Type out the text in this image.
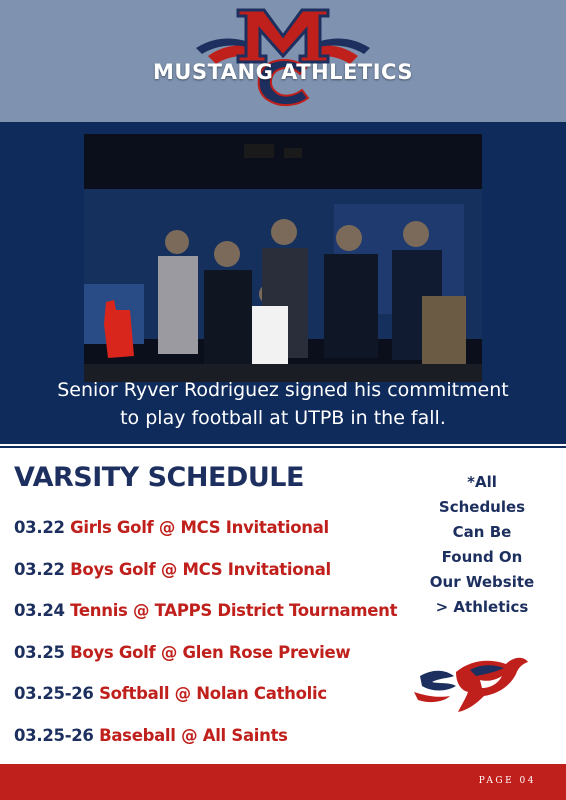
MUSTANG ATHLETICS
Senior Ryver Rodriguez signed his commitment
to play football at UTPB in the fall.
VARSITY SCHEDULE
03.22 Girls Golf @ MCS Invitational
03.22 Boys Golf @ MCS Invitational
03.24 Tennis @ TAPPS District Tournament
03.25 Boys Golf @ Glen Rose Preview
03.25-26 Softball @ Nolan Catholic
03.25-26 Baseball @ All Saints
*All
Schedules
Can Be
Found On
Our Website
> Athletics
PAGE 04
